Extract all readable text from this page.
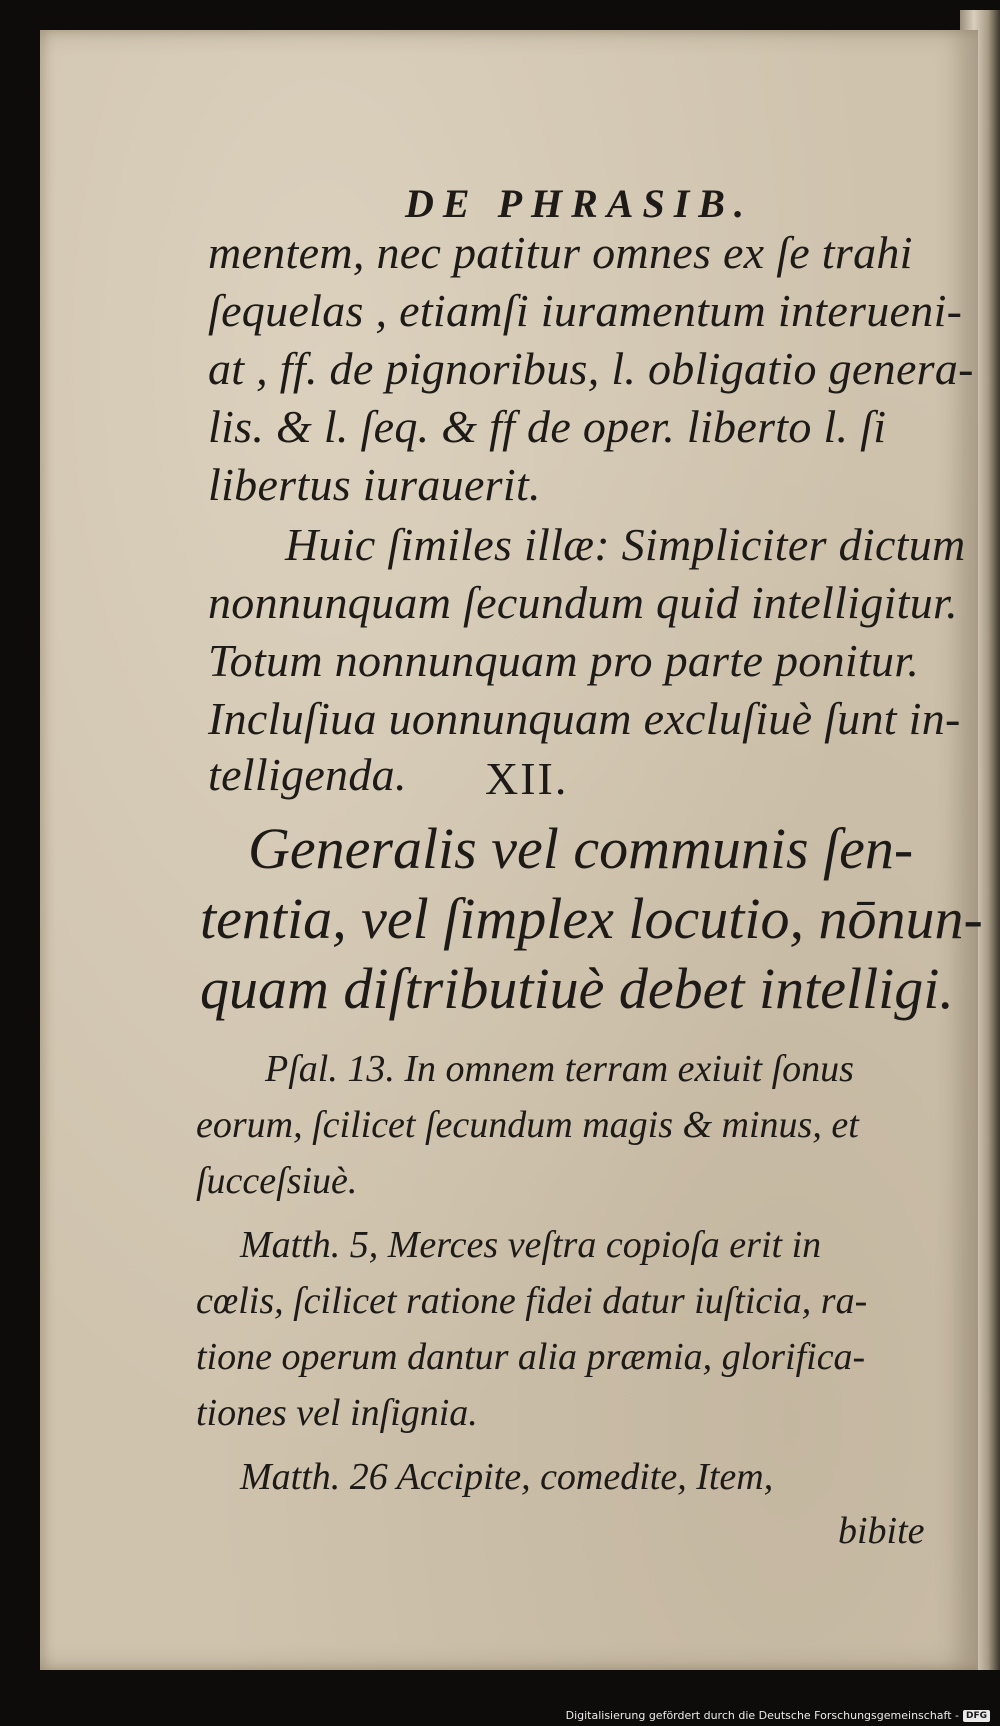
DE PHRASIB.
mentem, nec patitur omnes ex ſe trahi
ſequelas , etiamſi iuramentum interueni-
at , ff. de pignoribus, l. obligatio genera-
lis. & l. ſeq. & ff de oper. liberto l. ſi
libertus iurauerit.
Huic ſimiles illæ: Simpliciter dictum
nonnunquam ſecundum quid intelligitur.
Totum nonnunquam pro parte ponitur.
Incluſiua uonnunquam excluſiuè ſunt in-
telligenda. XII.
Generalis vel communis ſen-
tentia, vel ſimplex locutio, nōnun-
quam diſtributiuè debet intelligi.
Pſal. 13. In omnem terram exiuit ſonus
eorum, ſcilicet ſecundum magis & minus, et
ſucceſsiuè.
Matth. 5, Merces veſtra copioſa erit in
cœlis, ſcilicet ratione fidei datur iuſticia, ra-
tione operum dantur alia præmia, glorifica-
tiones vel inſignia.
Matth. 26 Accipite, comedite, Item,
bibite
Digitalisierung gefördert durch die Deutsche Forschungsgemeinschaft - DFG
